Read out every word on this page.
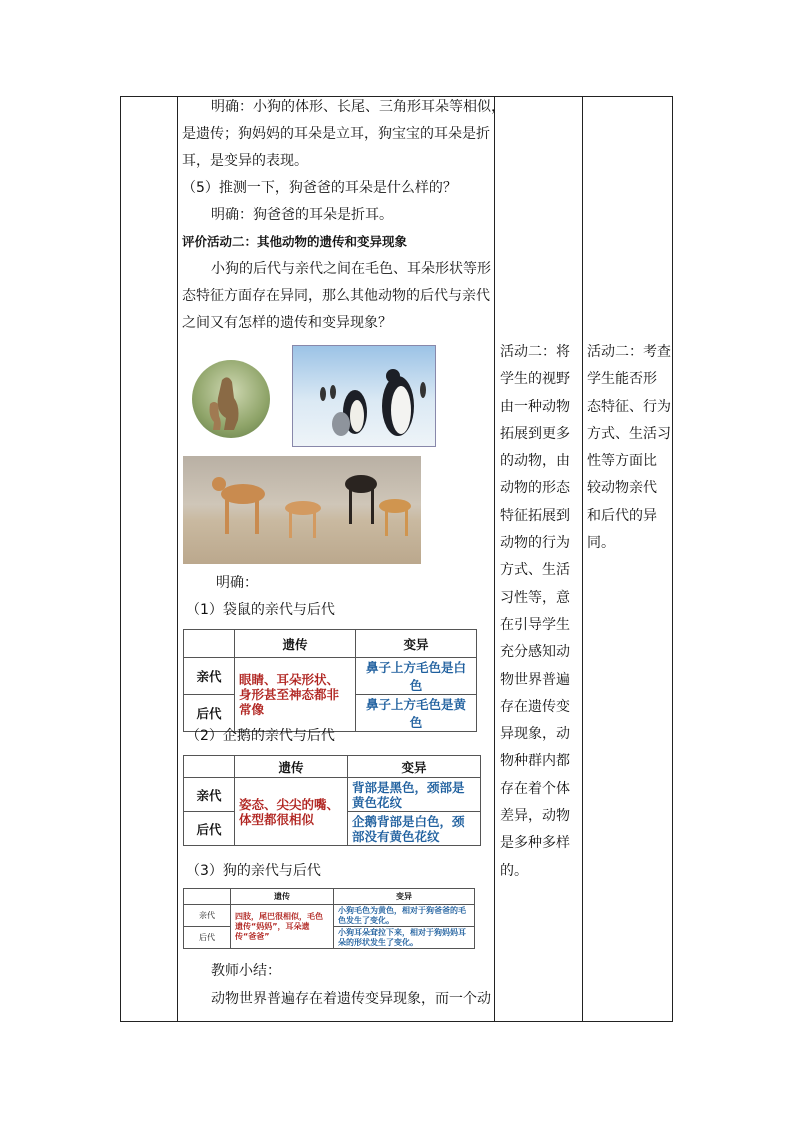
明确：小狗的体形、长尾、三角形耳朵等相似，
是遗传；狗妈妈的耳朵是立耳，狗宝宝的耳朵是折
耳，是变异的表现。
（5）推测一下，狗爸爸的耳朵是什么样的？
明确：狗爸爸的耳朵是折耳。
评价活动二：其他动物的遗传和变异现象
小狗的后代与亲代之间在毛色、耳朵形状等形
态特征方面存在异同，那么其他动物的后代与亲代
之间又有怎样的遗传和变异现象？
明确：
（1）袋鼠的亲代与后代
	遗传	变异
亲代	眼睛、耳朵形状、身形甚至神态都非常像	鼻子上方毛色是白色
后代		鼻子上方毛色是黄色
（2）企鹅的亲代与后代
	遗传	变异
亲代	姿态、尖尖的嘴、体型都很相似	背部是黑色，颈部是黄色花纹
后代		企鹅背部是白色，颈部没有黄色花纹
（3）狗的亲代与后代
	遗传	变异
亲代	四肢，尾巴很相似，毛色遗传“妈妈”，耳朵遗传“爸爸”	小狗毛色为黄色，相对于狗爸爸的毛色发生了变化。
后代		小狗耳朵耷拉下来，相对于狗妈妈耳朵的形状发生了变化。
教师小结：
动物世界普遍存在着遗传变异现象，而一个动
活动二：将
学生的视野
由一种动物
拓展到更多
的动物，由
动物的形态
特征拓展到
动物的行为
方式、生活
习性等，意
在引导学生
充分感知动
物世界普遍
存在遗传变
异现象，动
物种群内都
存在着个体
差异，动物
是多种多样
的。
活动二：考查
学生能否形
态特征、行为
方式、生活习
性等方面比
较动物亲代
和后代的异
同。
